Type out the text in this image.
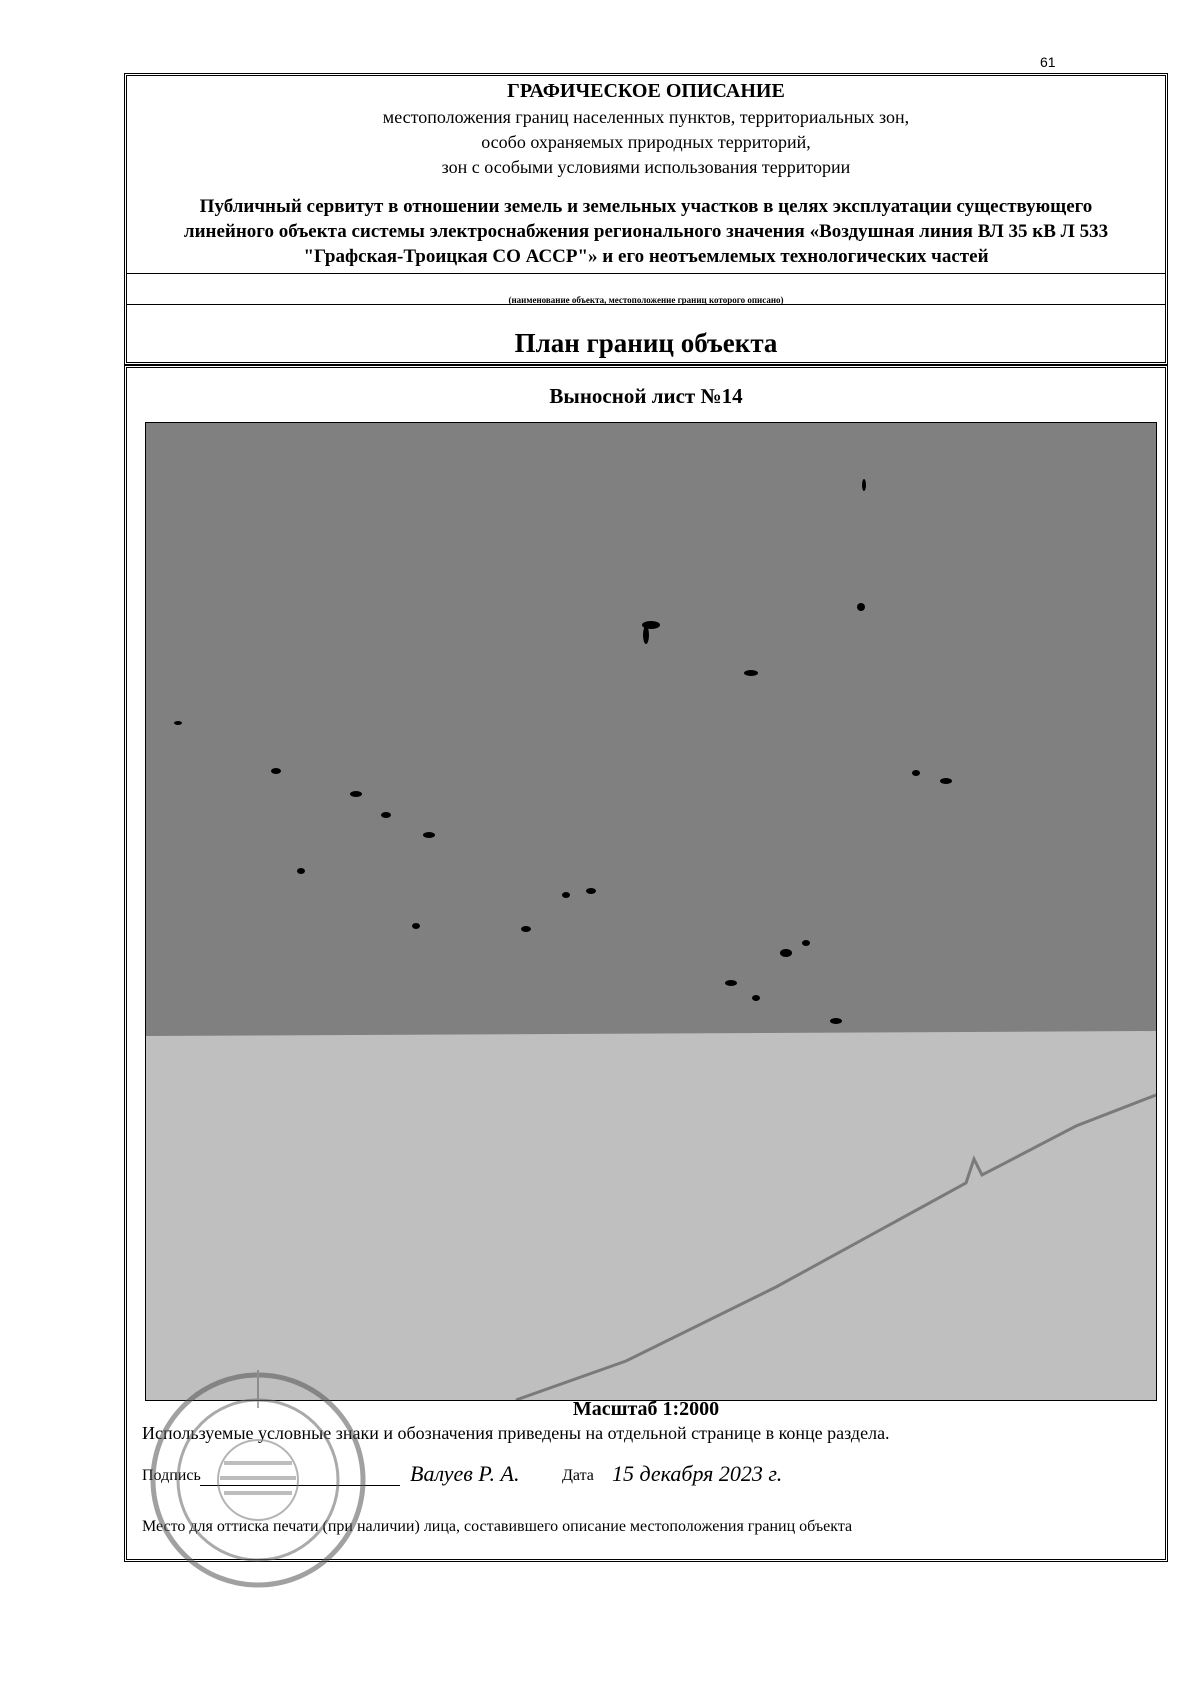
61
ГРАФИЧЕСКОЕ ОПИСАНИЕ
местоположения границ населенных пунктов, территориальных зон,
особо охраняемых природных территорий,
зон с особыми условиями использования территории
Публичный сервитут в отношении земель и земельных участков в целях эксплуатации существующего линейного объекта системы электроснабжения регионального значения «Воздушная линия ВЛ 35 кВ Л 533 "Графская-Троицкая СО АССР"» и его неотъемлемых технологических частей
(наименование объекта, местоположение границ которого описано)
План границ объекта
Выносной лист №14
Масштаб 1:2000
Используемые условные знаки и обозначения приведены на отдельной странице в конце раздела.
Подпись	Валуев Р. А.	Дата 15 декабря 2023 г.
Место для оттиска печати (при наличии) лица, составившего описание местоположения границ объекта
